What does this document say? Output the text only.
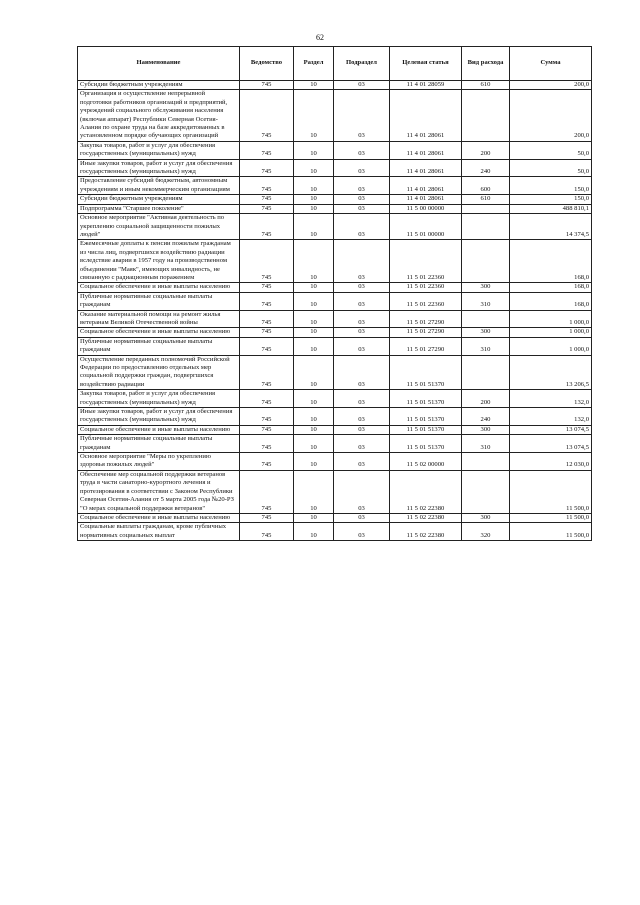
62
Наименование	Ведомство	Раздел	Подраздел	Целевая статья	Вид расхода	Сумма
Субсидии бюджетным учреждениям	745	10	03	11 4 01 28059	610	200,0
Организация и осуществление непрерывной подготовки работников организаций и предприятий, учреждений социального обслуживания населения (включая аппарат) Республики Северная Осетия-Алания по охране труда на базе аккредитованных в установленном порядке обучающих организаций	745	10	03	11 4 01 28061		200,0
Закупка товаров, работ и услуг для обеспечения государственных (муниципальных) нужд	745	10	03	11 4 01 28061	200	50,0
Иные закупки товаров, работ и услуг для обеспечения государственных (муниципальных) нужд	745	10	03	11 4 01 28061	240	50,0
Предоставление субсидий бюджетным, автономным учреждениям и иным некоммерческим организациям	745	10	03	11 4 01 28061	600	150,0
Субсидии бюджетным учреждениям	745	10	03	11 4 01 28061	610	150,0
Подпрограмма "Старшее поколение"	745	10	03	11 5 00 00000		488 810,1
Основное мероприятие "Активная деятельность по укреплению социальной защищенности пожилых людей"	745	10	03	11 5 01 00000		14 374,5
Ежемесячные доплаты к пенсии пожилым гражданам из числа лиц, подвергшихся воздействию радиации вследствие аварии в 1957 году на производственном объединении "Маяк", имеющих инвалидность, не связанную с радиационным поражением	745	10	03	11 5 01 22360		168,0
Социальное обеспечение и иные выплаты населению	745	10	03	11 5 01 22360	300	168,0
Публичные нормативные социальные выплаты гражданам	745	10	03	11 5 01 22360	310	168,0
Оказание материальной помощи на ремонт жилья ветеранам Великой Отечественной войны	745	10	03	11 5 01 27290		1 000,0
Социальное обеспечение и иные выплаты населению	745	10	03	11 5 01 27290	300	1 000,0
Публичные нормативные социальные выплаты гражданам	745	10	03	11 5 01 27290	310	1 000,0
Осуществление переданных полномочий Российской Федерации по предоставлению отдельных мер социальной поддержки граждан, подвергшихся воздействию радиации	745	10	03	11 5 01 51370		13 206,5
Закупка товаров, работ и услуг для обеспечения государственных (муниципальных) нужд	745	10	03	11 5 01 51370	200	132,0
Иные закупки товаров, работ и услуг для обеспечения государственных (муниципальных) нужд	745	10	03	11 5 01 51370	240	132,0
Социальное обеспечение и иные выплаты населению	745	10	03	11 5 01 51370	300	13 074,5
Публичные нормативные социальные выплаты гражданам	745	10	03	11 5 01 51370	310	13 074,5
Основное мероприятие "Меры по укреплению здоровья пожилых людей"	745	10	03	11 5 02 00000		12 030,0
Обеспечение мер социальной поддержки ветеранов труда в части санаторно-курортного лечения и протезирования в соответствии с Законом Республики Северная Осетия-Алания от 5 марта 2005 года №20-РЗ "О мерах социальной поддержки ветеранов"	745	10	03	11 5 02 22380		11 500,0
Социальное обеспечение и иные выплаты населению	745	10	03	11 5 02 22380	300	11 500,0
Социальные выплаты гражданам, кроме публичных нормативных социальных выплат	745	10	03	11 5 02 22380	320	11 500,0
